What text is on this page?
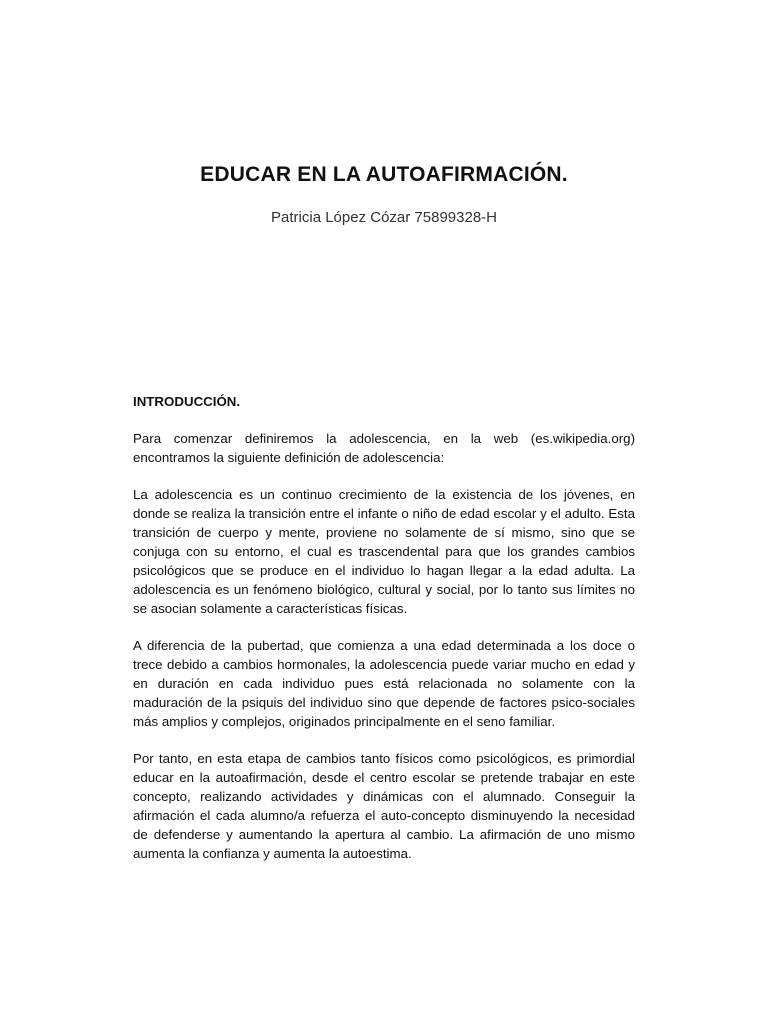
EDUCAR EN LA AUTOAFIRMACIÓN.

Patricia López Cózar 75899328-H

INTRODUCCIÓN.

Para comenzar definiremos la adolescencia, en la web (es.wikipedia.org) encontramos la siguiente definición de adolescencia:

La adolescencia es un continuo crecimiento de la existencia de los jóvenes, en donde se realiza la transición entre el infante o niño de edad escolar y el adulto. Esta transición de cuerpo y mente, proviene no solamente de sí mismo, sino que se conjuga con su entorno, el cual es trascendental para que los grandes cambios psicológicos que se produce en el individuo lo hagan llegar a la edad adulta. La adolescencia es un fenómeno biológico, cultural y social, por lo tanto sus límites no se asocian solamente a características físicas.

A diferencia de la pubertad, que comienza a una edad determinada a los doce o trece debido a cambios hormonales, la adolescencia puede variar mucho en edad y en duración en cada individuo pues está relacionada no solamente con la maduración de la psiquis del individuo sino que depende de factores psico-sociales más amplios y complejos, originados principalmente en el seno familiar.

Por tanto, en esta etapa de cambios tanto físicos como psicológicos, es primordial educar en la autoafirmación, desde el centro escolar se pretende trabajar en este concepto, realizando actividades y dinámicas con el alumnado. Conseguir la afirmación el cada alumno/a refuerza el auto-concepto disminuyendo la necesidad de defenderse y aumentando la apertura al cambio. La afirmación de uno mismo aumenta la confianza y aumenta la autoestima.
